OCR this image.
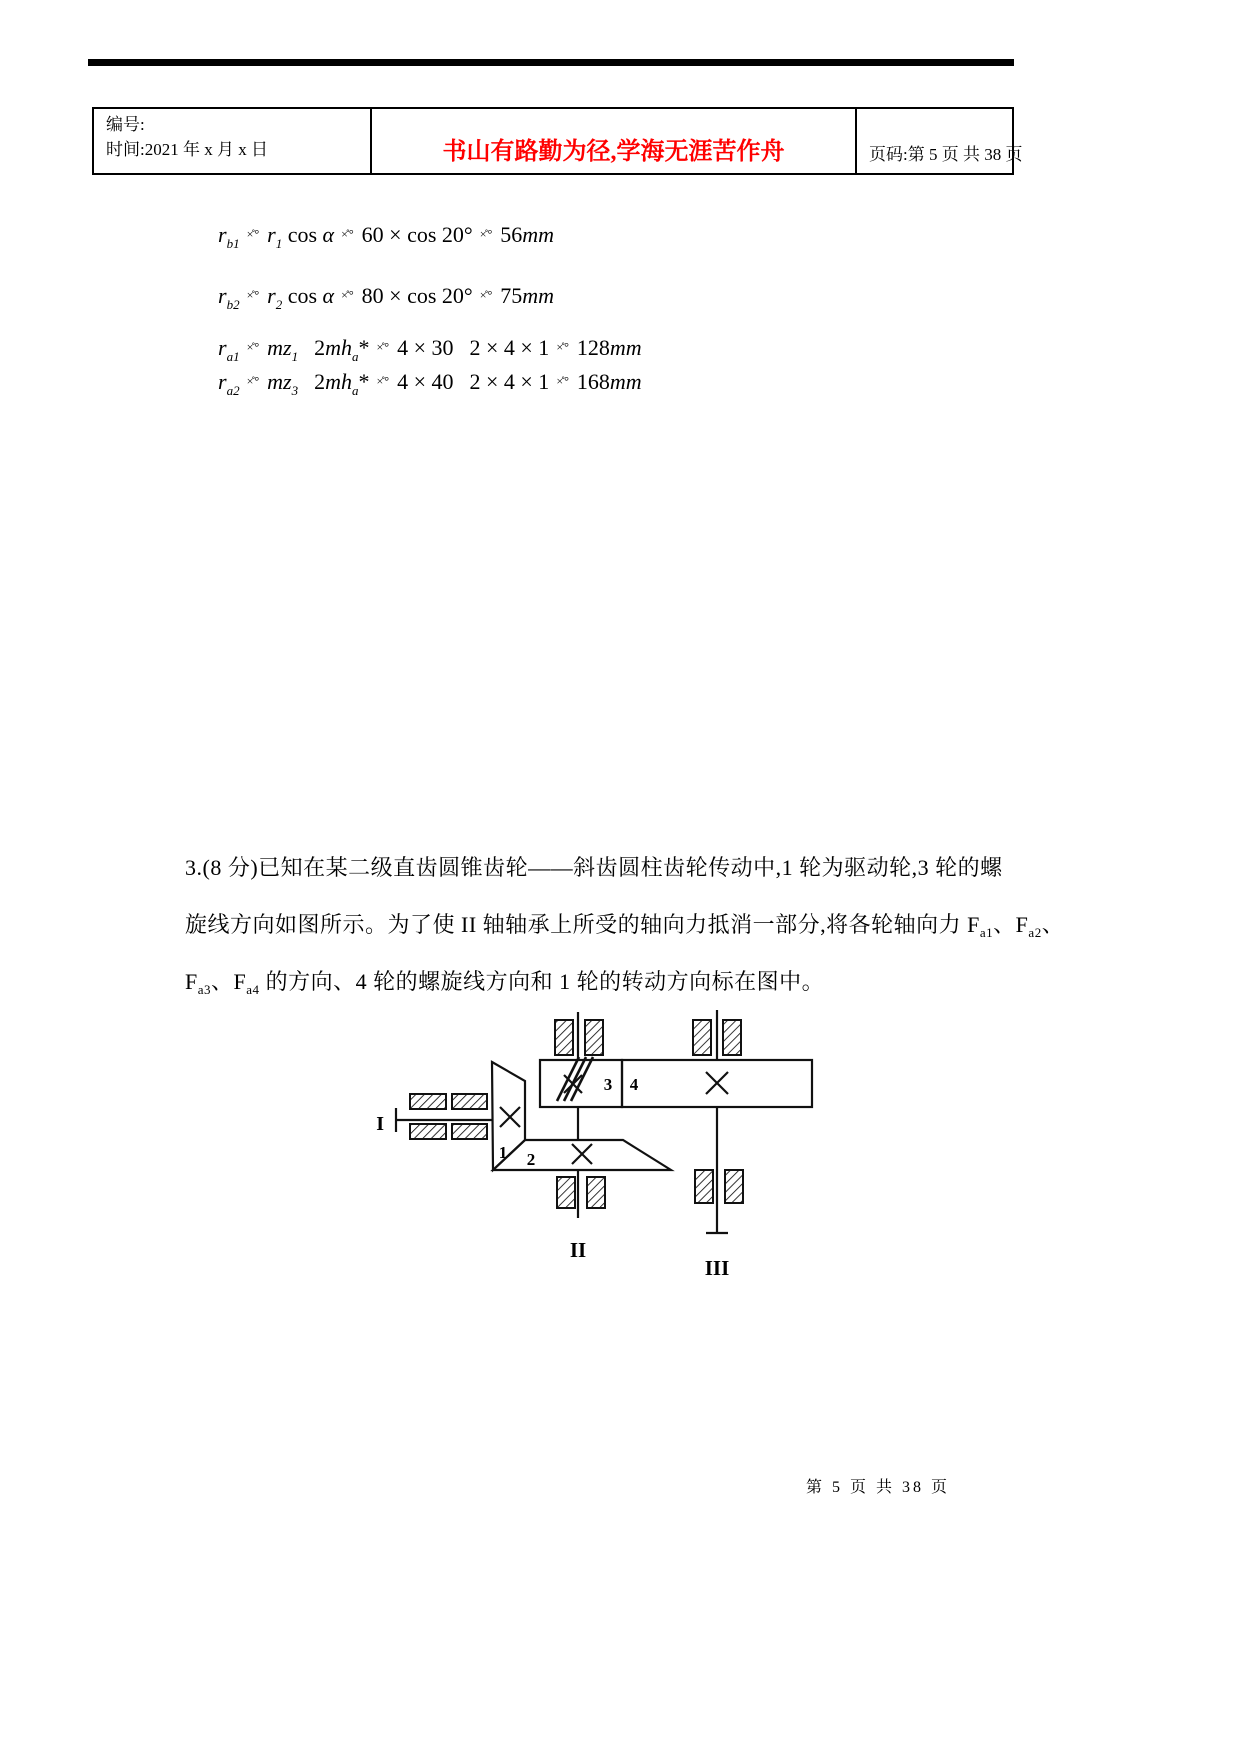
编号:
时间:2021 年 x 月 x 日	书山有路勤为径,学海无涯苦作舟	页码:第 5 页 共 38 页
$r_{b1}\times̊^\circ$ $r_1$ cos α ×̊° 60 × cos 20° ×̊° 56mm
$r_{b2}\times̊^\circ$ $r_2$ cos α ×̊° 80 × cos 20° ×̊° 75mm
$r_{a1}\times̊^\circ$ $mz_1$ $2mh_a*$ ×̊° 4 × 30 2 × 4 × 1 ×̊° 128mm
$r_{a2}\times̊^\circ$ $mz_3$ $2mh_a*$ ×̊° 4 × 40 2 × 4 × 1 ×̊° 168mm
3.(8 分)已知在某二级直齿圆锥齿轮——斜齿圆柱齿轮传动中,1 轮为驱动轮,3 轮的螺
旋线方向如图所示。为了使 II 轴轴承上所受的轴向力抵消一部分,将各轮轴向力 $F_{a1}$、$F_{a2}$、
$F_{a3}$、$F_{a4}$ 的方向、4 轮的螺旋线方向和 1 轮的转动方向标在图中。
I
II
III
1 2
3 4
第 5 页 共 38 页
